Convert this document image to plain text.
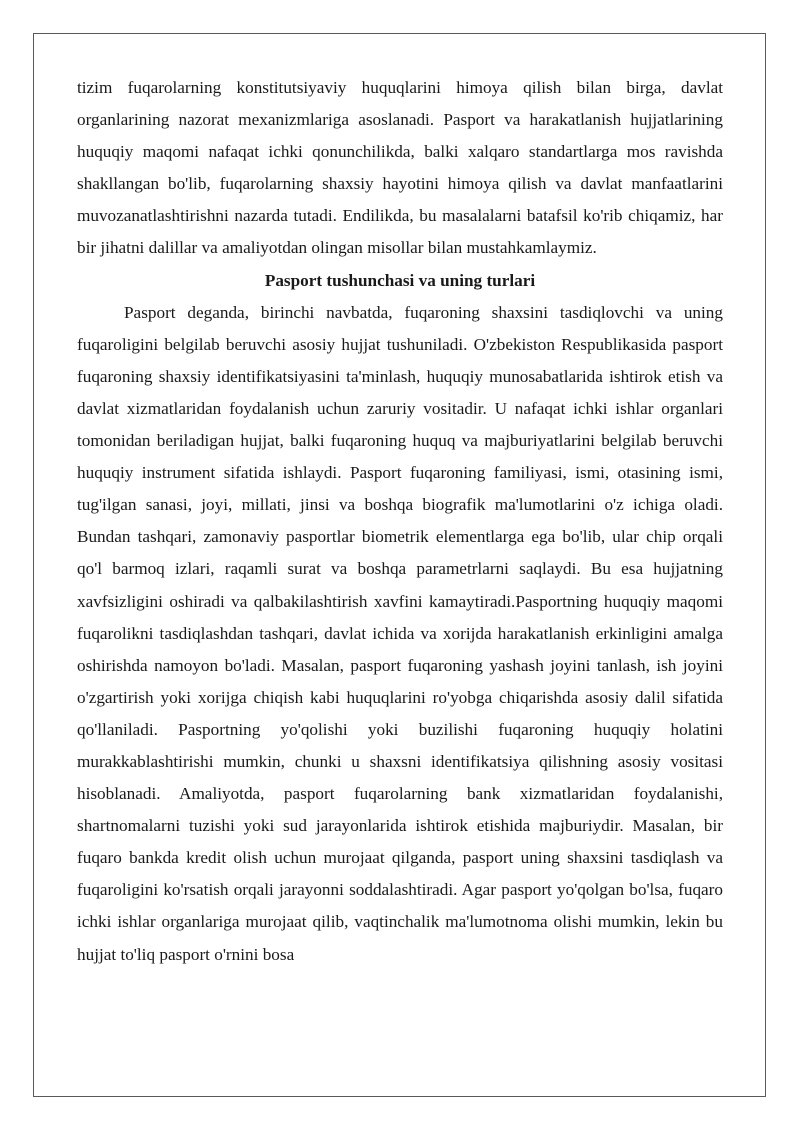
tizim fuqarolarning konstitutsiyaviy huquqlarini himoya qilish bilan birga, davlat organlarining nazorat mexanizmlariga asoslanadi. Pasport va harakatlanish hujjatlarining huquqiy maqomi nafaqat ichki qonunchilikda, balki xalqaro standartlarga mos ravishda shakllangan bo'lib, fuqarolarning shaxsiy hayotini himoya qilish va davlat manfaatlarini muvozanatlashtirishni nazarda tutadi. Endilikda, bu masalalarni batafsil ko'rib chiqamiz, har bir jihatni dalillar va amaliyotdan olingan misollar bilan mustahkamlaymiz.

Pasport tushunchasi va uning turlari

Pasport deganda, birinchi navbatda, fuqaroning shaxsini tasdiqlovchi va uning fuqaroligini belgilab beruvchi asosiy hujjat tushuniladi. O'zbekiston Respublikasida pasport fuqaroning shaxsiy identifikatsiyasini ta'minlash, huquqiy munosabatlarida ishtirok etish va davlat xizmatlaridan foydalanish uchun zaruriy vositadir. U nafaqat ichki ishlar organlari tomonidan beriladigan hujjat, balki fuqaroning huquq va majburiyatlarini belgilab beruvchi huquqiy instrument sifatida ishlaydi. Pasport fuqaroning familiyasi, ismi, otasining ismi, tug'ilgan sanasi, joyi, millati, jinsi va boshqa biografik ma'lumotlarini o'z ichiga oladi. Bundan tashqari, zamonaviy pasportlar biometrik elementlarga ega bo'lib, ular chip orqali qo'l barmoq izlari, raqamli surat va boshqa parametrlarni saqlaydi. Bu esa hujjatning xavfsizligini oshiradi va qalbakilashtirish xavfini kamaytiradi.Pasportning huquqiy maqomi fuqarolikni tasdiqlashdan tashqari, davlat ichida va xorijda harakatlanish erkinligini amalga oshirishda namoyon bo'ladi. Masalan, pasport fuqaroning yashash joyini tanlash, ish joyini o'zgartirish yoki xorijga chiqish kabi huquqlarini ro'yobga chiqarishda asosiy dalil sifatida qo'llaniladi. Pasportning yo'qolishi yoki buzilishi fuqaroning huquqiy holatini murakkablashtirishi mumkin, chunki u shaxsni identifikatsiya qilishning asosiy vositasi hisoblanadi. Amaliyotda, pasport fuqarolarning bank xizmatlaridan foydalanishi, shartnomalarni tuzishi yoki sud jarayonlarida ishtirok etishida majburiydir. Masalan, bir fuqaro bankda kredit olish uchun murojaat qilganda, pasport uning shaxsini tasdiqlash va fuqaroligini ko'rsatish orqali jarayonni soddalashtiradi. Agar pasport yo'qolgan bo'lsa, fuqaro ichki ishlar organlariga murojaat qilib, vaqtinchalik ma'lumotnoma olishi mumkin, lekin bu hujjat to'liq pasport o'rnini bosa
